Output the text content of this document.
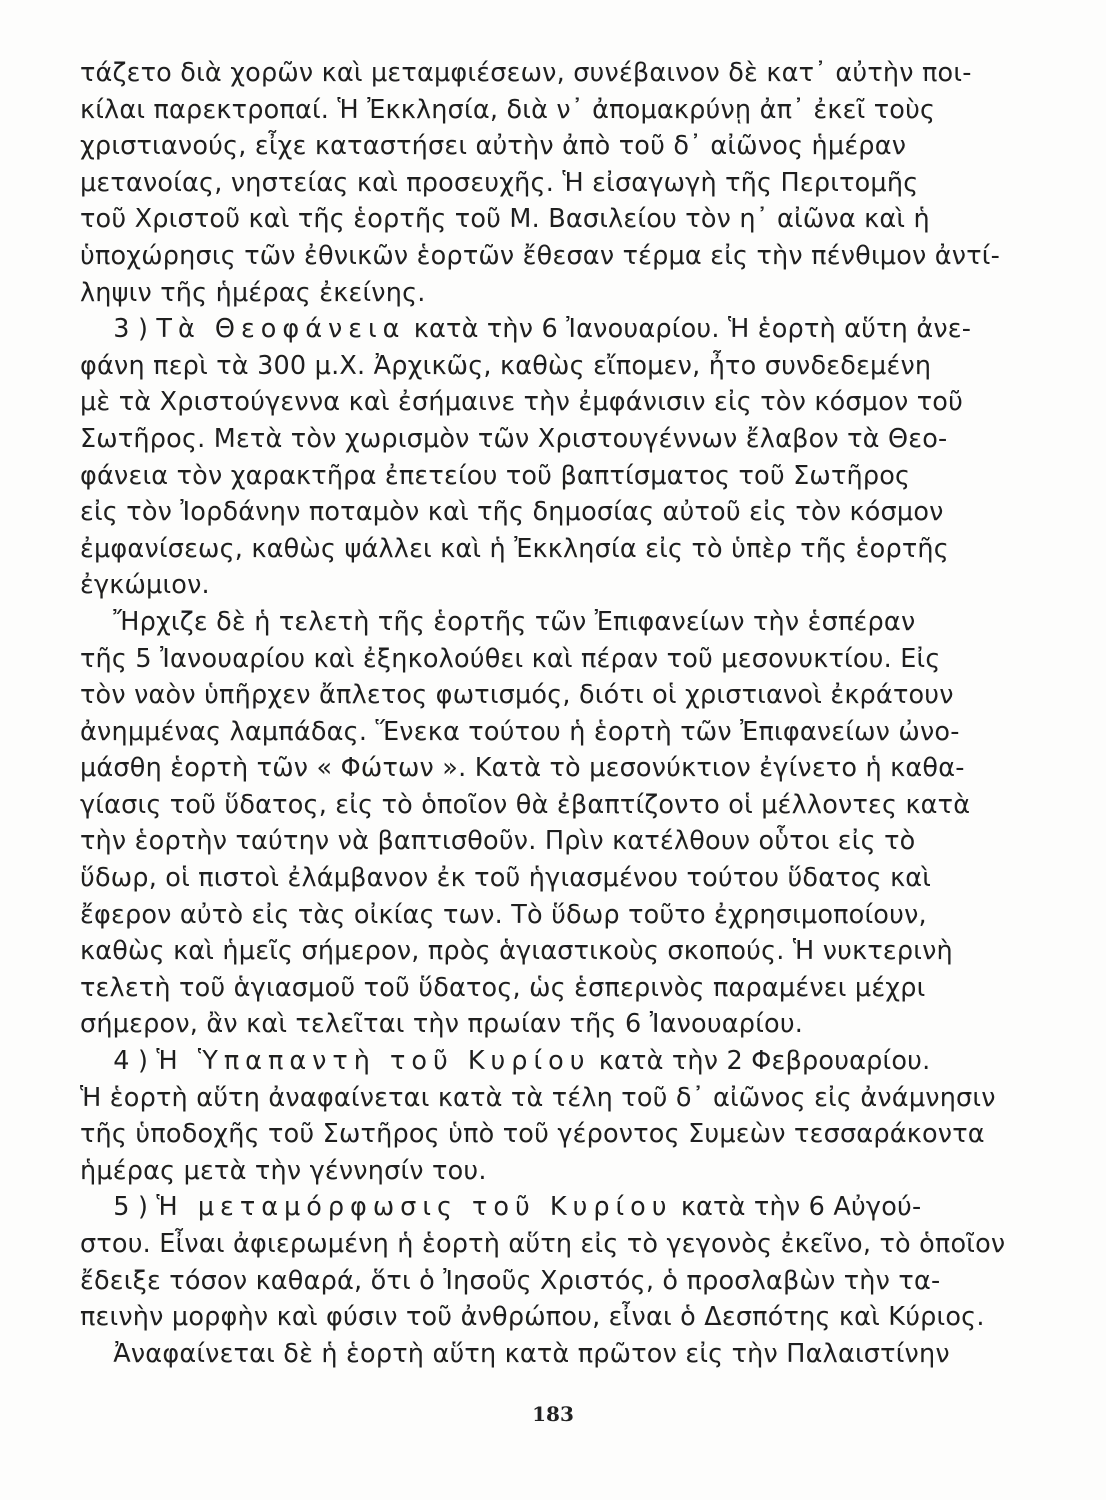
τάζετο διὰ χορῶν καὶ μεταμφιέσεων, συνέβαινον δὲ κατ᾽ αὐτὴν ποι-
κίλαι παρεκτροπαί. Ἡ Ἐκκλησία, διὰ ν᾽ ἀπομακρύνῃ ἀπ᾽ ἐκεῖ τοὺς
χριστιανούς, εἶχε καταστήσει αὐτὴν ἀπὸ τοῦ δ᾽ αἰῶνος ἡμέραν
μετανοίας, νηστείας καὶ προσευχῆς. Ἡ εἰσαγωγὴ τῆς Περιτομῆς
τοῦ Χριστοῦ καὶ τῆς ἑορτῆς τοῦ Μ. Βασιλείου τὸν η᾽ αἰῶνα καὶ ἡ
ὑποχώρησις τῶν ἐθνικῶν ἑορτῶν ἔθεσαν τέρμα εἰς τὴν πένθιμον ἀντί-
ληψιν τῆς ἡμέρας ἐκείνης.
3 ) Τὰ Θεοφάνεια κατὰ τὴν 6 Ἰανουαρίου. Ἡ ἑορτὴ αὕτη ἀνε-
φάνη περὶ τὰ 300 μ.Χ. Ἀρχικῶς, καθὼς εἴπομεν, ἦτο συνδεδεμένη
μὲ τὰ Χριστούγεννα καὶ ἐσήμαινε τὴν ἐμφάνισιν εἰς τὸν κόσμον τοῦ
Σωτῆρος. Μετὰ τὸν χωρισμὸν τῶν Χριστουγέννων ἔλαβον τὰ Θεο-
φάνεια τὸν χαρακτῆρα ἐπετείου τοῦ βαπτίσματος τοῦ Σωτῆρος
εἰς τὸν Ἰορδάνην ποταμὸν καὶ τῆς δημοσίας αὐτοῦ εἰς τὸν κόσμον
ἐμφανίσεως, καθὼς ψάλλει καὶ ἡ Ἐκκλησία εἰς τὸ ὑπὲρ τῆς ἑορτῆς
ἐγκώμιον.
Ἤρχιζε δὲ ἡ τελετὴ τῆς ἑορτῆς τῶν Ἐπιφανείων τὴν ἑσπέραν
τῆς 5 Ἰανουαρίου καὶ ἐξηκολούθει καὶ πέραν τοῦ μεσονυκτίου. Εἰς
τὸν ναὸν ὑπῆρχεν ἄπλετος φωτισμός, διότι οἱ χριστιανοὶ ἐκράτουν
ἀνημμένας λαμπάδας. Ἕνεκα τούτου ἡ ἑορτὴ τῶν Ἐπιφανείων ὠνο-
μάσθη ἑορτὴ τῶν « Φώτων ». Κατὰ τὸ μεσονύκτιον ἐγίνετο ἡ καθα-
γίασις τοῦ ὕδατος, εἰς τὸ ὁποῖον θὰ ἐβαπτίζοντο οἱ μέλλοντες κατὰ
τὴν ἑορτὴν ταύτην νὰ βαπτισθοῦν. Πρὶν κατέλθουν οὗτοι εἰς τὸ
ὕδωρ, οἱ πιστοὶ ἐλάμβανον ἐκ τοῦ ἡγιασμένου τούτου ὕδατος καὶ
ἔφερον αὐτὸ εἰς τὰς οἰκίας των. Τὸ ὕδωρ τοῦτο ἐχρησιμοποίουν,
καθὼς καὶ ἡμεῖς σήμερον, πρὸς ἁγιαστικοὺς σκοπούς. Ἡ νυκτερινὴ
τελετὴ τοῦ ἁγιασμοῦ τοῦ ὕδατος, ὡς ἑσπερινὸς παραμένει μέχρι
σήμερον, ἂν καὶ τελεῖται τὴν πρωίαν τῆς 6 Ἰανουαρίου.
4 ) Ἡ Ὑπαπαντὴ τοῦ Κυρίου κατὰ τὴν 2 Φεβρουαρίου.
Ἡ ἑορτὴ αὕτη ἀναφαίνεται κατὰ τὰ τέλη τοῦ δ᾽ αἰῶνος εἰς ἀνάμνησιν
τῆς ὑποδοχῆς τοῦ Σωτῆρος ὑπὸ τοῦ γέροντος Συμεὼν τεσσαράκοντα
ἡμέρας μετὰ τὴν γέννησίν του.
5 ) Ἡ μεταμόρφωσις τοῦ Κυρίου κατὰ τὴν 6 Αὐγού-
στου. Εἶναι ἀφιερωμένη ἡ ἑορτὴ αὕτη εἰς τὸ γεγονὸς ἐκεῖνο, τὸ ὁποῖον
ἔδειξε τόσον καθαρά, ὅτι ὁ Ἰησοῦς Χριστός, ὁ προσλαβὼν τὴν τα-
πεινὴν μορφὴν καὶ φύσιν τοῦ ἀνθρώπου, εἶναι ὁ Δεσπότης καὶ Κύριος.
Ἀναφαίνεται δὲ ἡ ἑορτὴ αὕτη κατὰ πρῶτον εἰς τὴν Παλαιστίνην
183
